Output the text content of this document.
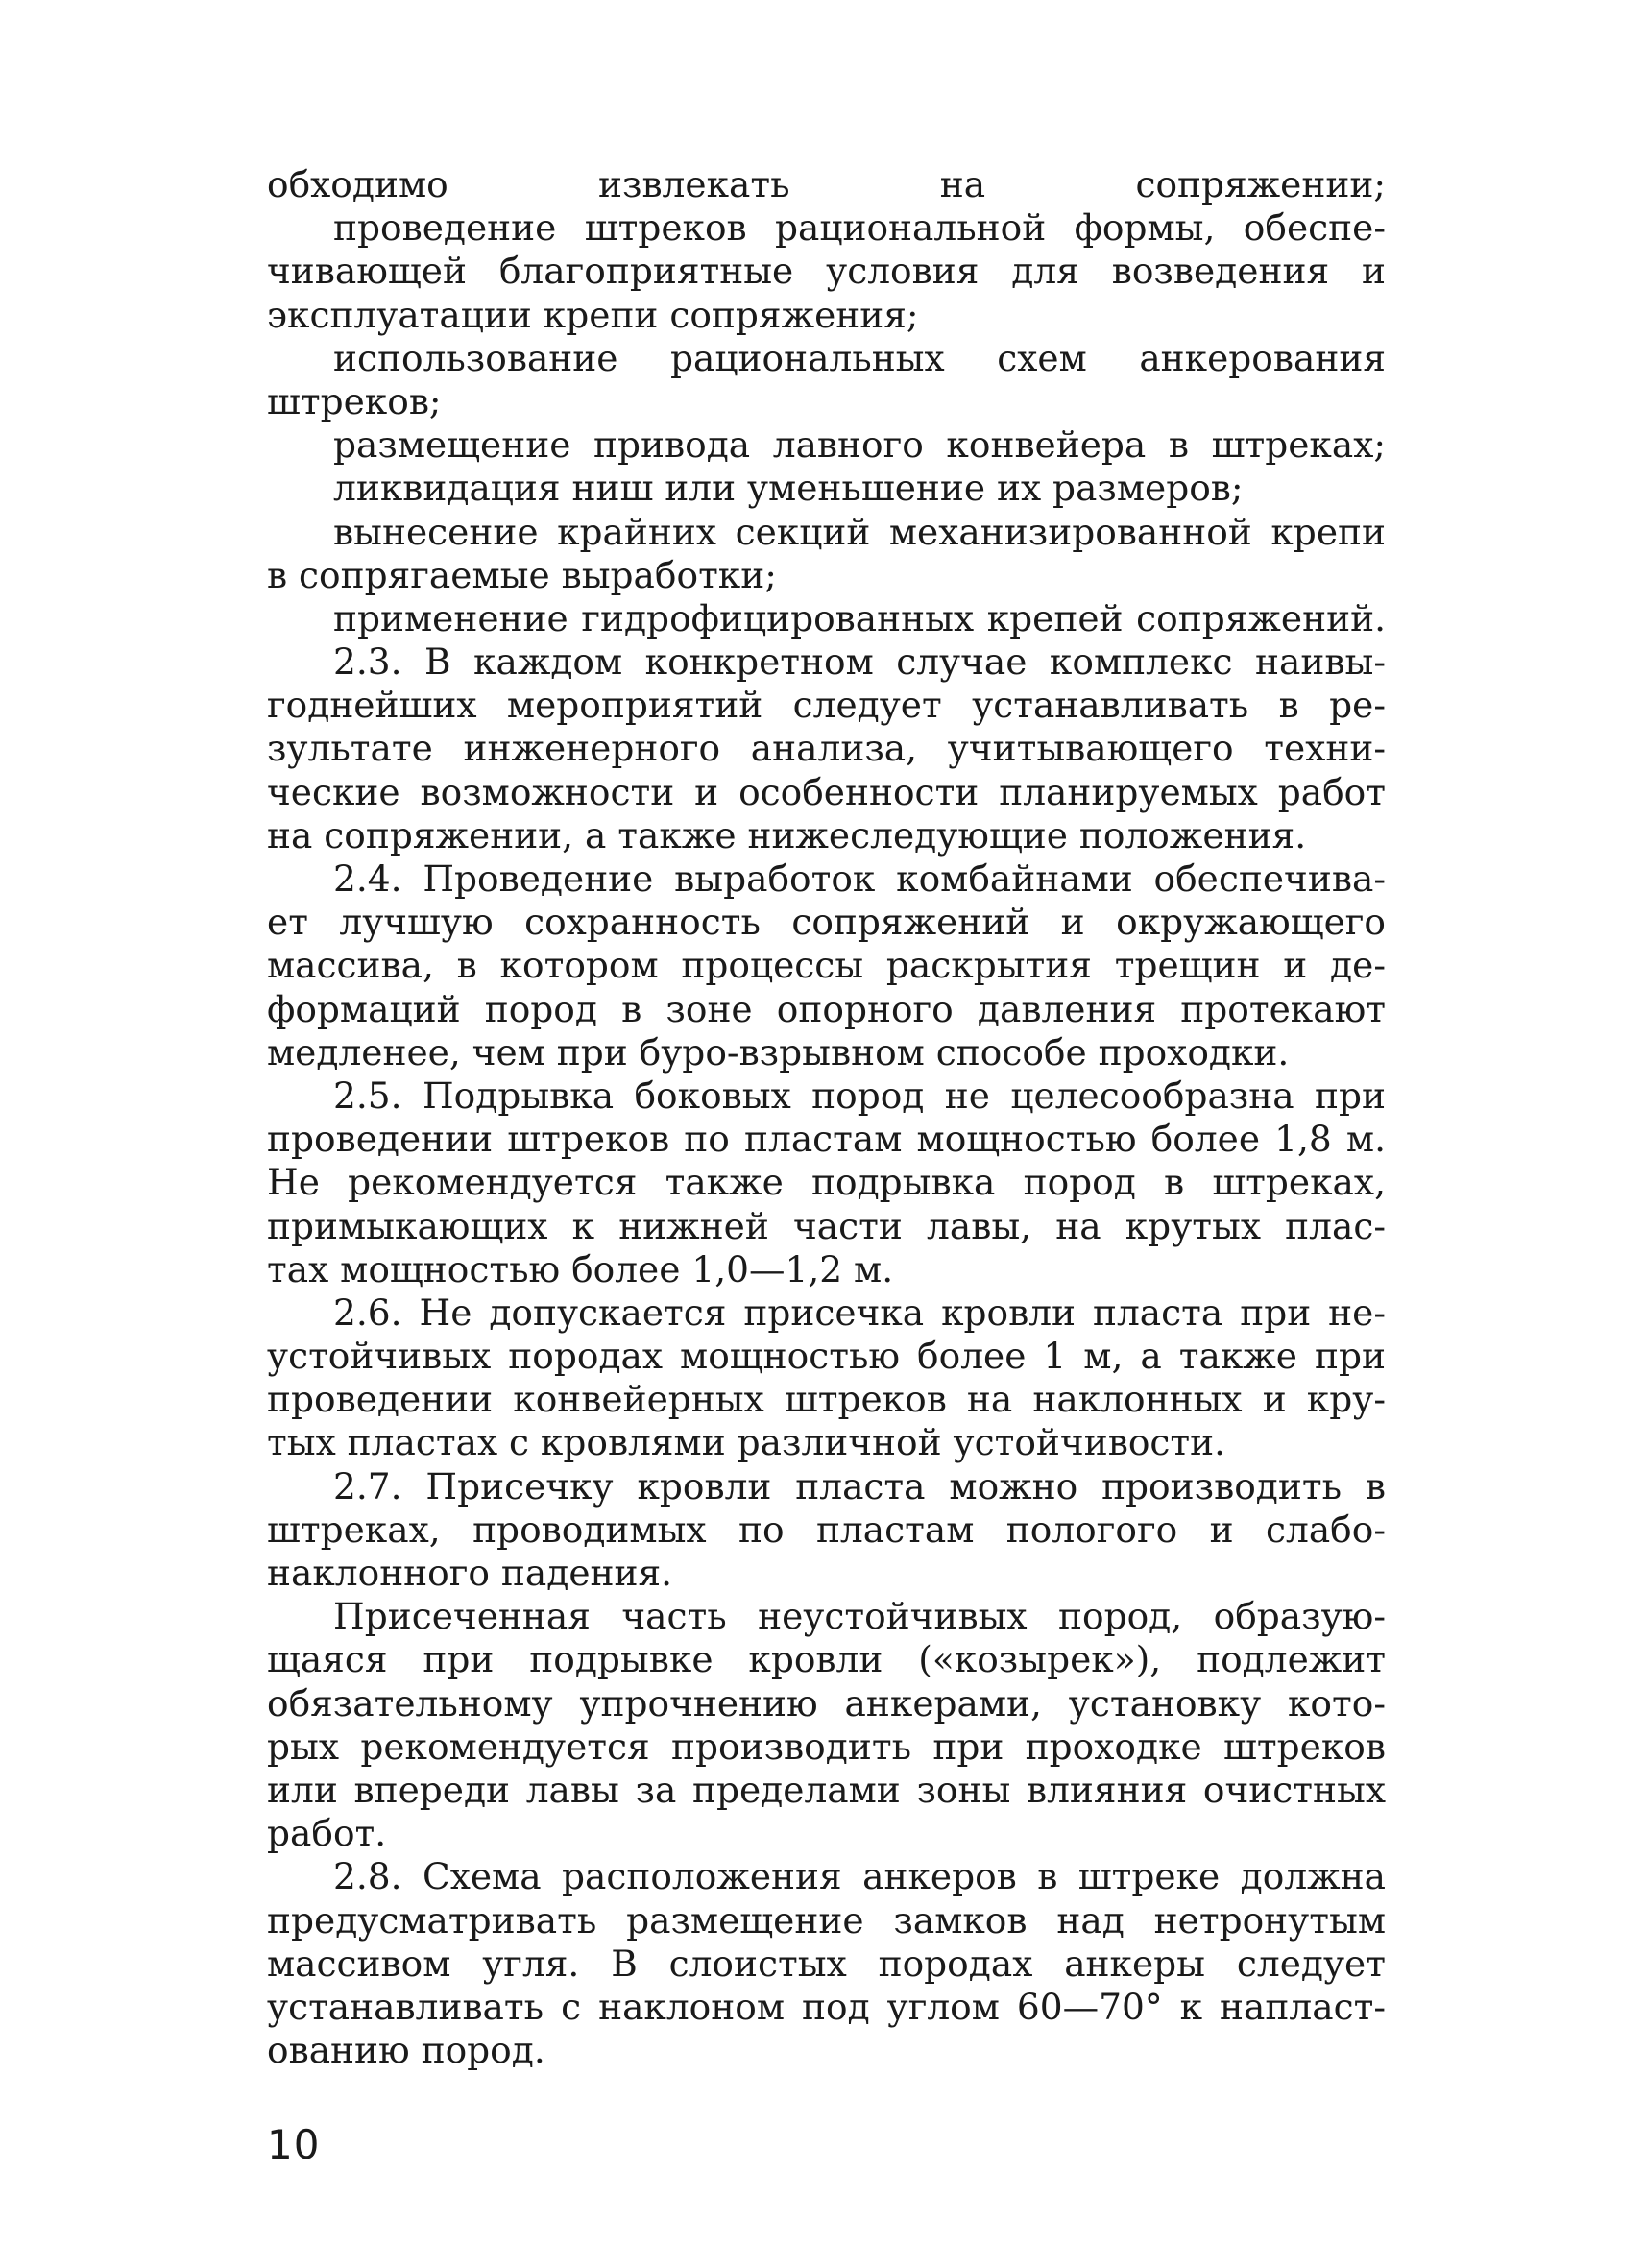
обходимо извлекать на сопряжении;
проведение штреков рациональной формы, обеспе-
чивающей благоприятные условия для возведения и
эксплуатации крепи сопряжения;
использование рациональных схем анкерования
штреков;
размещение привода лавного конвейера в штреках;
ликвидация ниш или уменьшение их размеров;
вынесение крайних секций механизированной крепи
в сопрягаемые выработки;
применение гидрофицированных крепей сопряжений.
2.3. В каждом конкретном случае комплекс наивы-
годнейших мероприятий следует устанавливать в ре-
зультате инженерного анализа, учитывающего техни-
ческие возможности и особенности планируемых работ
на сопряжении, а также нижеследующие положения.
2.4. Проведение выработок комбайнами обеспечива-
ет лучшую сохранность сопряжений и окружающего
массива, в котором процессы раскрытия трещин и де-
формаций пород в зоне опорного давления протекают
медленее, чем при буро-взрывном способе проходки.
2.5. Подрывка боковых пород не целесообразна при
проведении штреков по пластам мощностью более 1,8 м.
Не рекомендуется также подрывка пород в штреках,
примыкающих к нижней части лавы, на крутых плас-
тах мощностью более 1,0—1,2 м.
2.6. Не допускается присечка кровли пласта при не-
устойчивых породах мощностью более 1 м, а также при
проведении конвейерных штреков на наклонных и кру-
тых пластах с кровлями различной устойчивости.
2.7. Присечку кровли пласта можно производить в
штреках, проводимых по пластам пологого и слабо-
наклонного падения.
Присеченная часть неустойчивых пород, образую-
щаяся при подрывке кровли («козырек»), подлежит
обязательному упрочнению анкерами, установку кото-
рых рекомендуется производить при проходке штреков
или впереди лавы за пределами зоны влияния очистных
работ.
2.8. Схема расположения анкеров в штреке должна
предусматривать размещение замков над нетронутым
массивом угля. В слоистых породах анкеры следует
устанавливать с наклоном под углом 60—70° к напласт-
ованию пород.
10
